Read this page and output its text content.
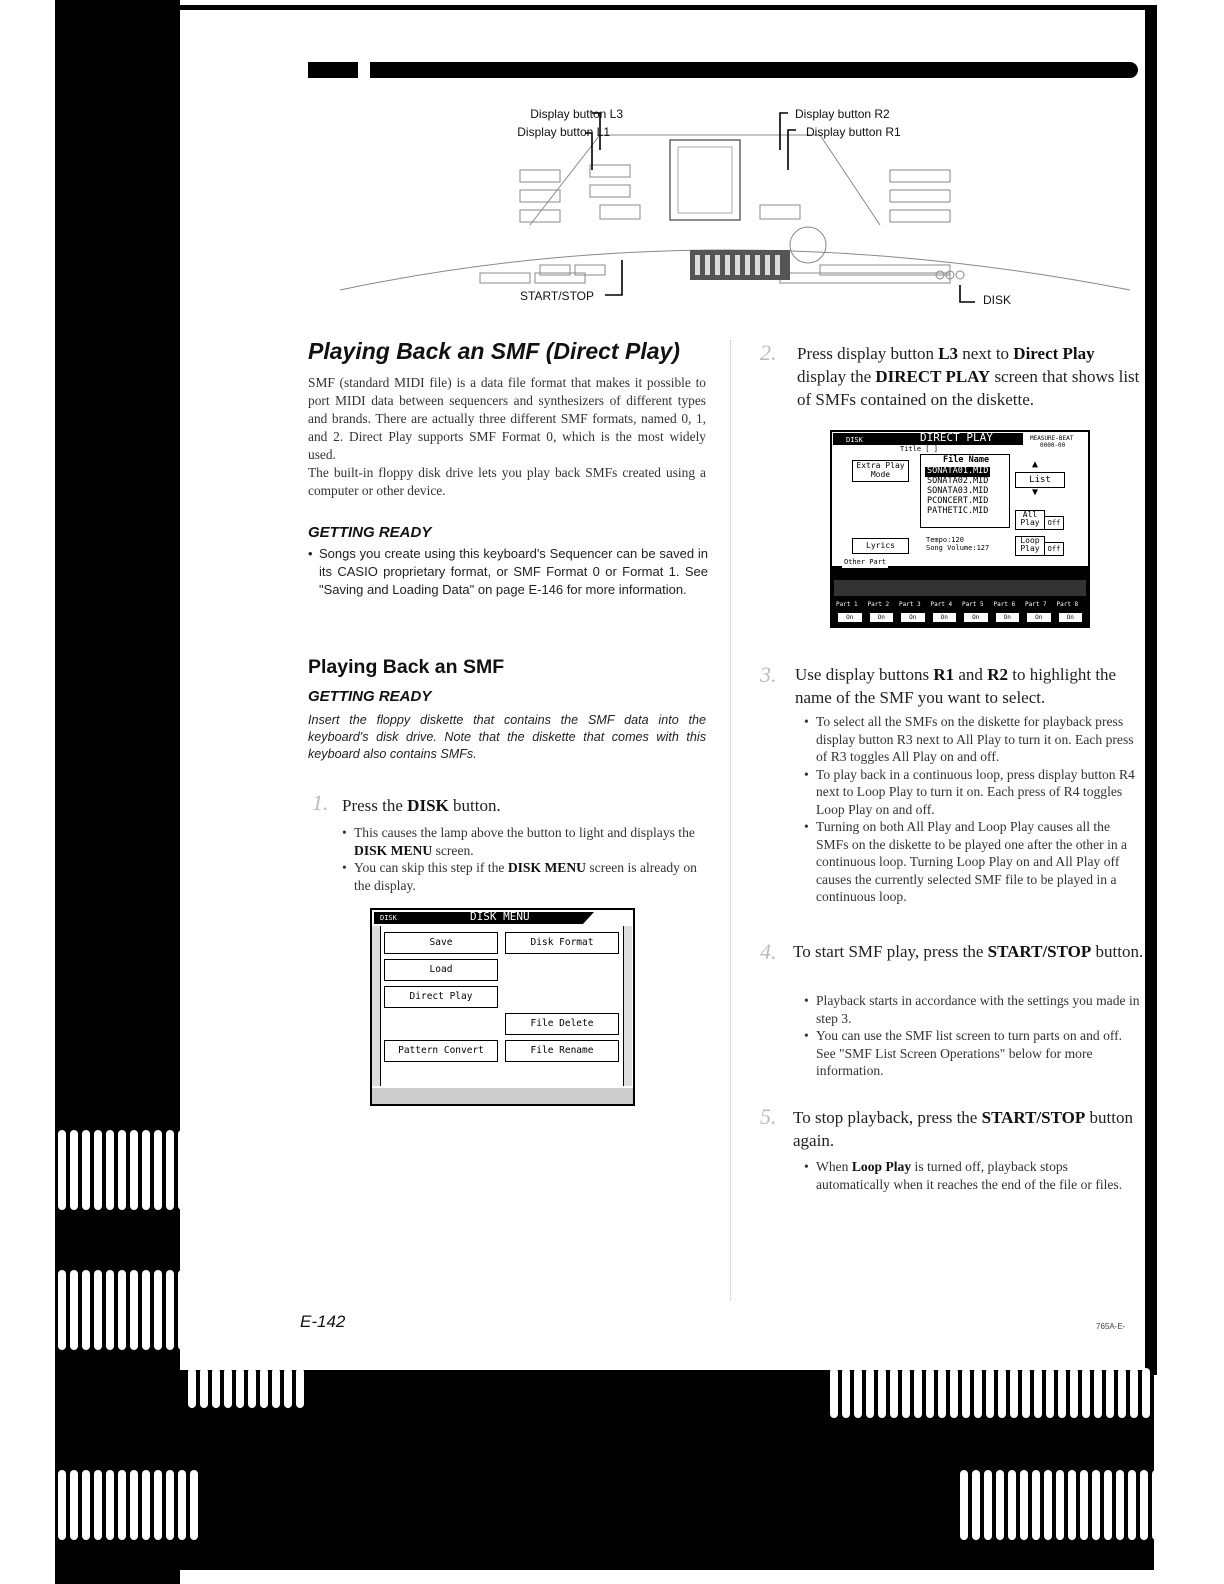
Display button L3
Display button L1
Display button R2
Display button R1
START/STOP	DISK
Playing Back an SMF (Direct Play)
SMF (standard MIDI file) is a data file format that makes it possible to port MIDI data between sequencers and synthesizers of different types and brands. There are actually three different SMF formats, named 0, 1, and 2. Direct Play supports SMF Format 0, which is the most widely used.
The built-in floppy disk drive lets you play back SMFs created using a computer or other device.
GETTING READY
• Songs you create using this keyboard's Sequencer can be saved in its CASIO proprietary format, or SMF Format 0 or Format 1. See "Saving and Loading Data" on page E-146 for more information.
Playing Back an SMF
GETTING READY
Insert the floppy diskette that contains the SMF data into the keyboard's disk drive. Note that the diskette that comes with this keyboard also contains SMFs.
1. Press the DISK button.
• This causes the lamp above the button to light and displays the DISK MENU screen.
• You can skip this step if the DISK MENU screen is already on the display.
DISK	DISK MENU
Save
Load
Direct Play
Pattern Convert
Disk Format
File Delete
File Rename
2. Press display button L3 next to Direct Play display the DIRECT PLAY screen that shows list of SMFs contained on the diskette.
DISK	DIRECT PLAY	MEASURE-BEAT
0000-00
Title [ ]
Extra Play Mode
File Name
SONATA01.MID
SONATA02.MID
SONATA03.MID
PCONCERT.MID
PATHETIC.MID
List
▲
▼
All Play	Off
Lyrics
Tempo:120
Song Volume:127
Loop Play	Off
Other Part	PART ON/OFF
Part 1
On
Part 2
On
Part 3
On
Part 4
On
Part 5
On
Part 6
On
Part 7
On
Part 8
On
3. Use display buttons R1 and R2 to highlight the name of the SMF you want to select.
• To select all the SMFs on the diskette for playback press display button R3 next to All Play to turn it on. Each press of R3 toggles All Play on and off.
• To play back in a continuous loop, press display button R4 next to Loop Play to turn it on. Each press of R4 toggles Loop Play on and off.
• Turning on both All Play and Loop Play causes all the SMFs on the diskette to be played one after the other in a continuous loop. Turning Loop Play on and All Play off causes the currently selected SMF file to be played in a continuous loop.
4. To start SMF play, press the START/STOP button.
• Playback starts in accordance with the settings you made in step 3.
• You can use the SMF list screen to turn parts on and off. See "SMF List Screen Operations" below for more information.
5. To stop playback, press the START/STOP button again.
• When Loop Play is turned off, playback stops automatically when it reaches the end of the file or files.
E-142	765A-E-
